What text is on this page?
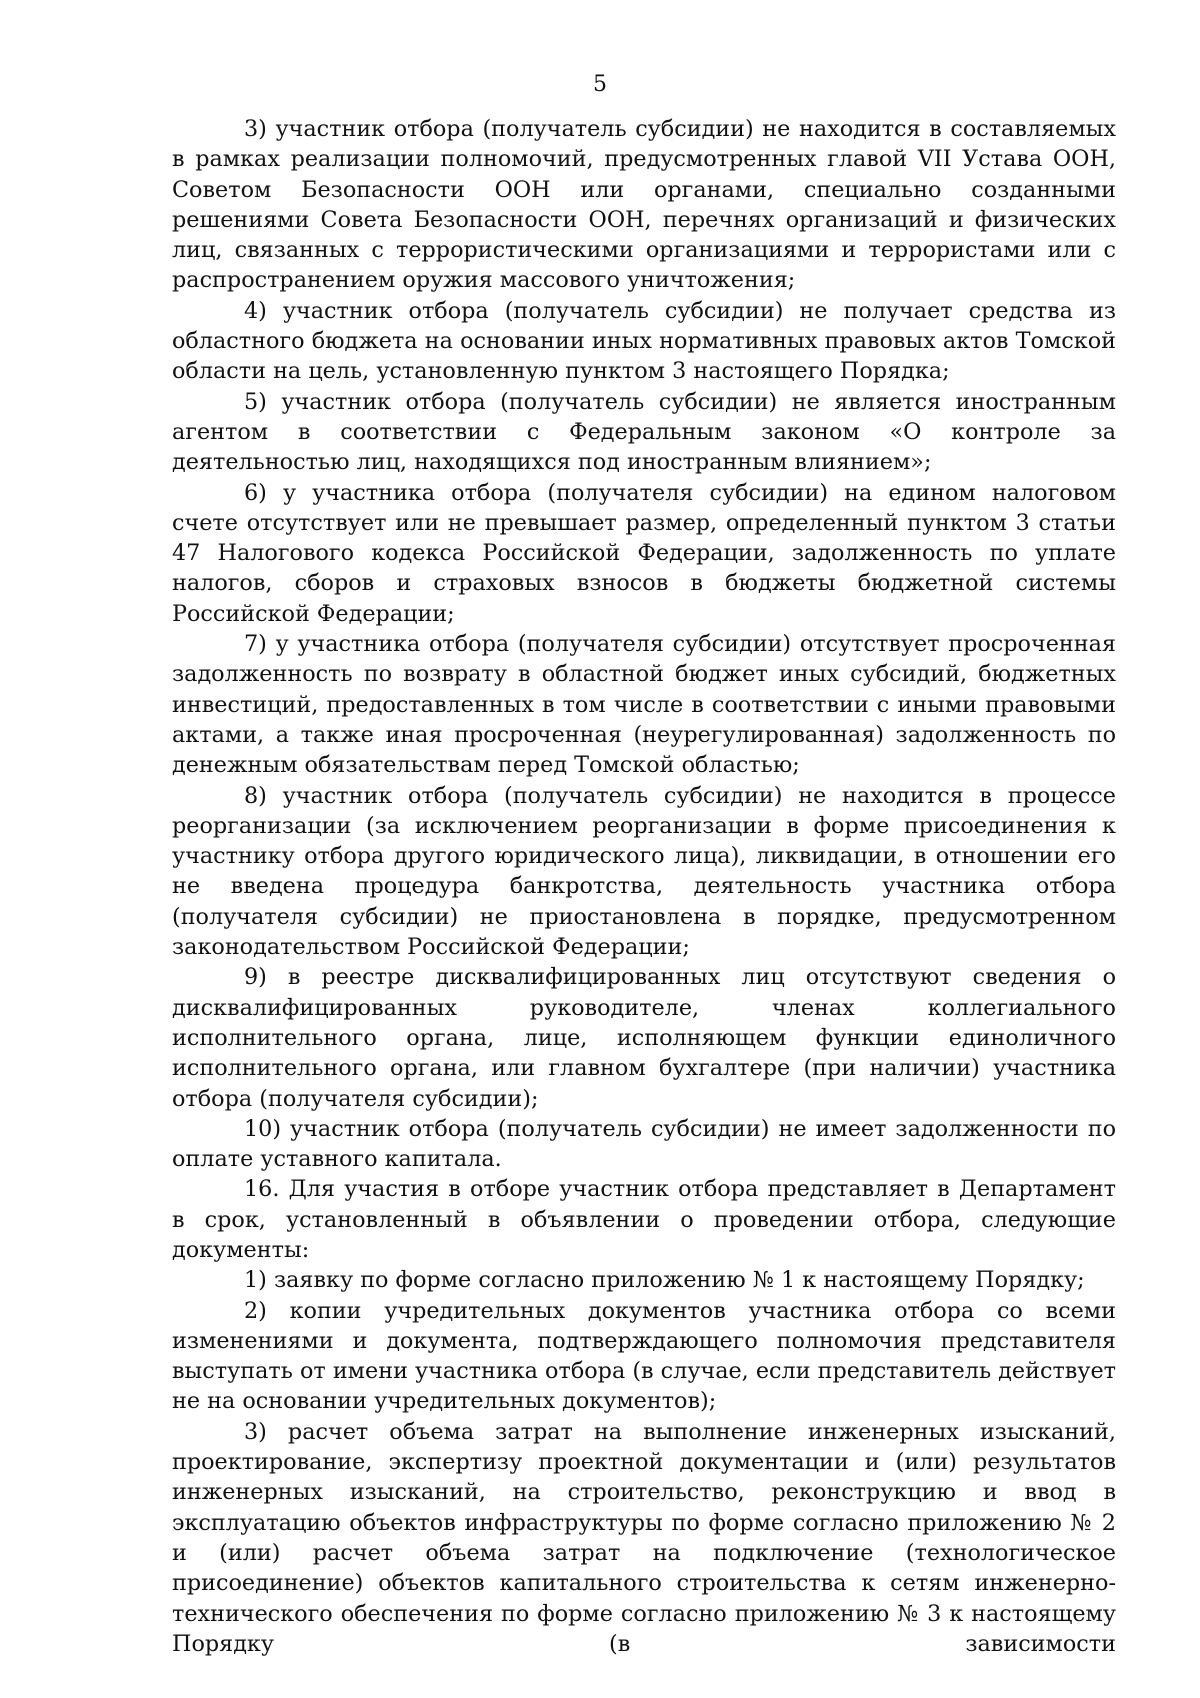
5

3) участник отбора (получатель субсидии) не находится в составляемых в рамках реализации полномочий, предусмотренных главой VII Устава ООН, Советом Безопасности ООН или органами, специально созданными решениями Совета Безопасности ООН, перечнях организаций и физических лиц, связанных с террористическими организациями и террористами или с распространением оружия массового уничтожения;

4) участник отбора (получатель субсидии) не получает средства из областного бюджета на основании иных нормативных правовых актов Томской области на цель, установленную пунктом 3 настоящего Порядка;

5) участник отбора (получатель субсидии) не является иностранным агентом в соответствии с Федеральным законом «О контроле за деятельностью лиц, находящихся под иностранным влиянием»;

6) у участника отбора (получателя субсидии) на едином налоговом счете отсутствует или не превышает размер, определенный пунктом 3 статьи 47 Налогового кодекса Российской Федерации, задолженность по уплате налогов, сборов и страховых взносов в бюджеты бюджетной системы Российской Федерации;

7) у участника отбора (получателя субсидии) отсутствует просроченная задолженность по возврату в областной бюджет иных субсидий, бюджетных инвестиций, предоставленных в том числе в соответствии с иными правовыми актами, а также иная просроченная (неурегулированная) задолженность по денежным обязательствам перед Томской областью;

8) участник отбора (получатель субсидии) не находится в процессе реорганизации (за исключением реорганизации в форме присоединения к участнику отбора другого юридического лица), ликвидации, в отношении его не введена процедура банкротства, деятельность участника отбора (получателя субсидии) не приостановлена в порядке, предусмотренном законодательством Российской Федерации;

9) в реестре дисквалифицированных лиц отсутствуют сведения о дисквалифицированных руководителе, членах коллегиального исполнительного органа, лице, исполняющем функции единоличного исполнительного органа, или главном бухгалтере (при наличии) участника отбора (получателя субсидии);

10) участник отбора (получатель субсидии) не имеет задолженности по оплате уставного капитала.

16. Для участия в отборе участник отбора представляет в Департамент в срок, установленный в объявлении о проведении отбора, следующие документы:

1) заявку по форме согласно приложению № 1 к настоящему Порядку;

2) копии учредительных документов участника отбора со всеми изменениями и документа, подтверждающего полномочия представителя выступать от имени участника отбора (в случае, если представитель действует не на основании учредительных документов);

3) расчет объема затрат на выполнение инженерных изысканий, проектирование, экспертизу проектной документации и (или) результатов инженерных изысканий, на строительство, реконструкцию и ввод в эксплуатацию объектов инфраструктуры по форме согласно приложению № 2 и (или) расчет объема затрат на подключение (технологическое присоединение) объектов капитального строительства к сетям инженерно-технического обеспечения по форме согласно приложению № 3 к настоящему Порядку (в зависимости
